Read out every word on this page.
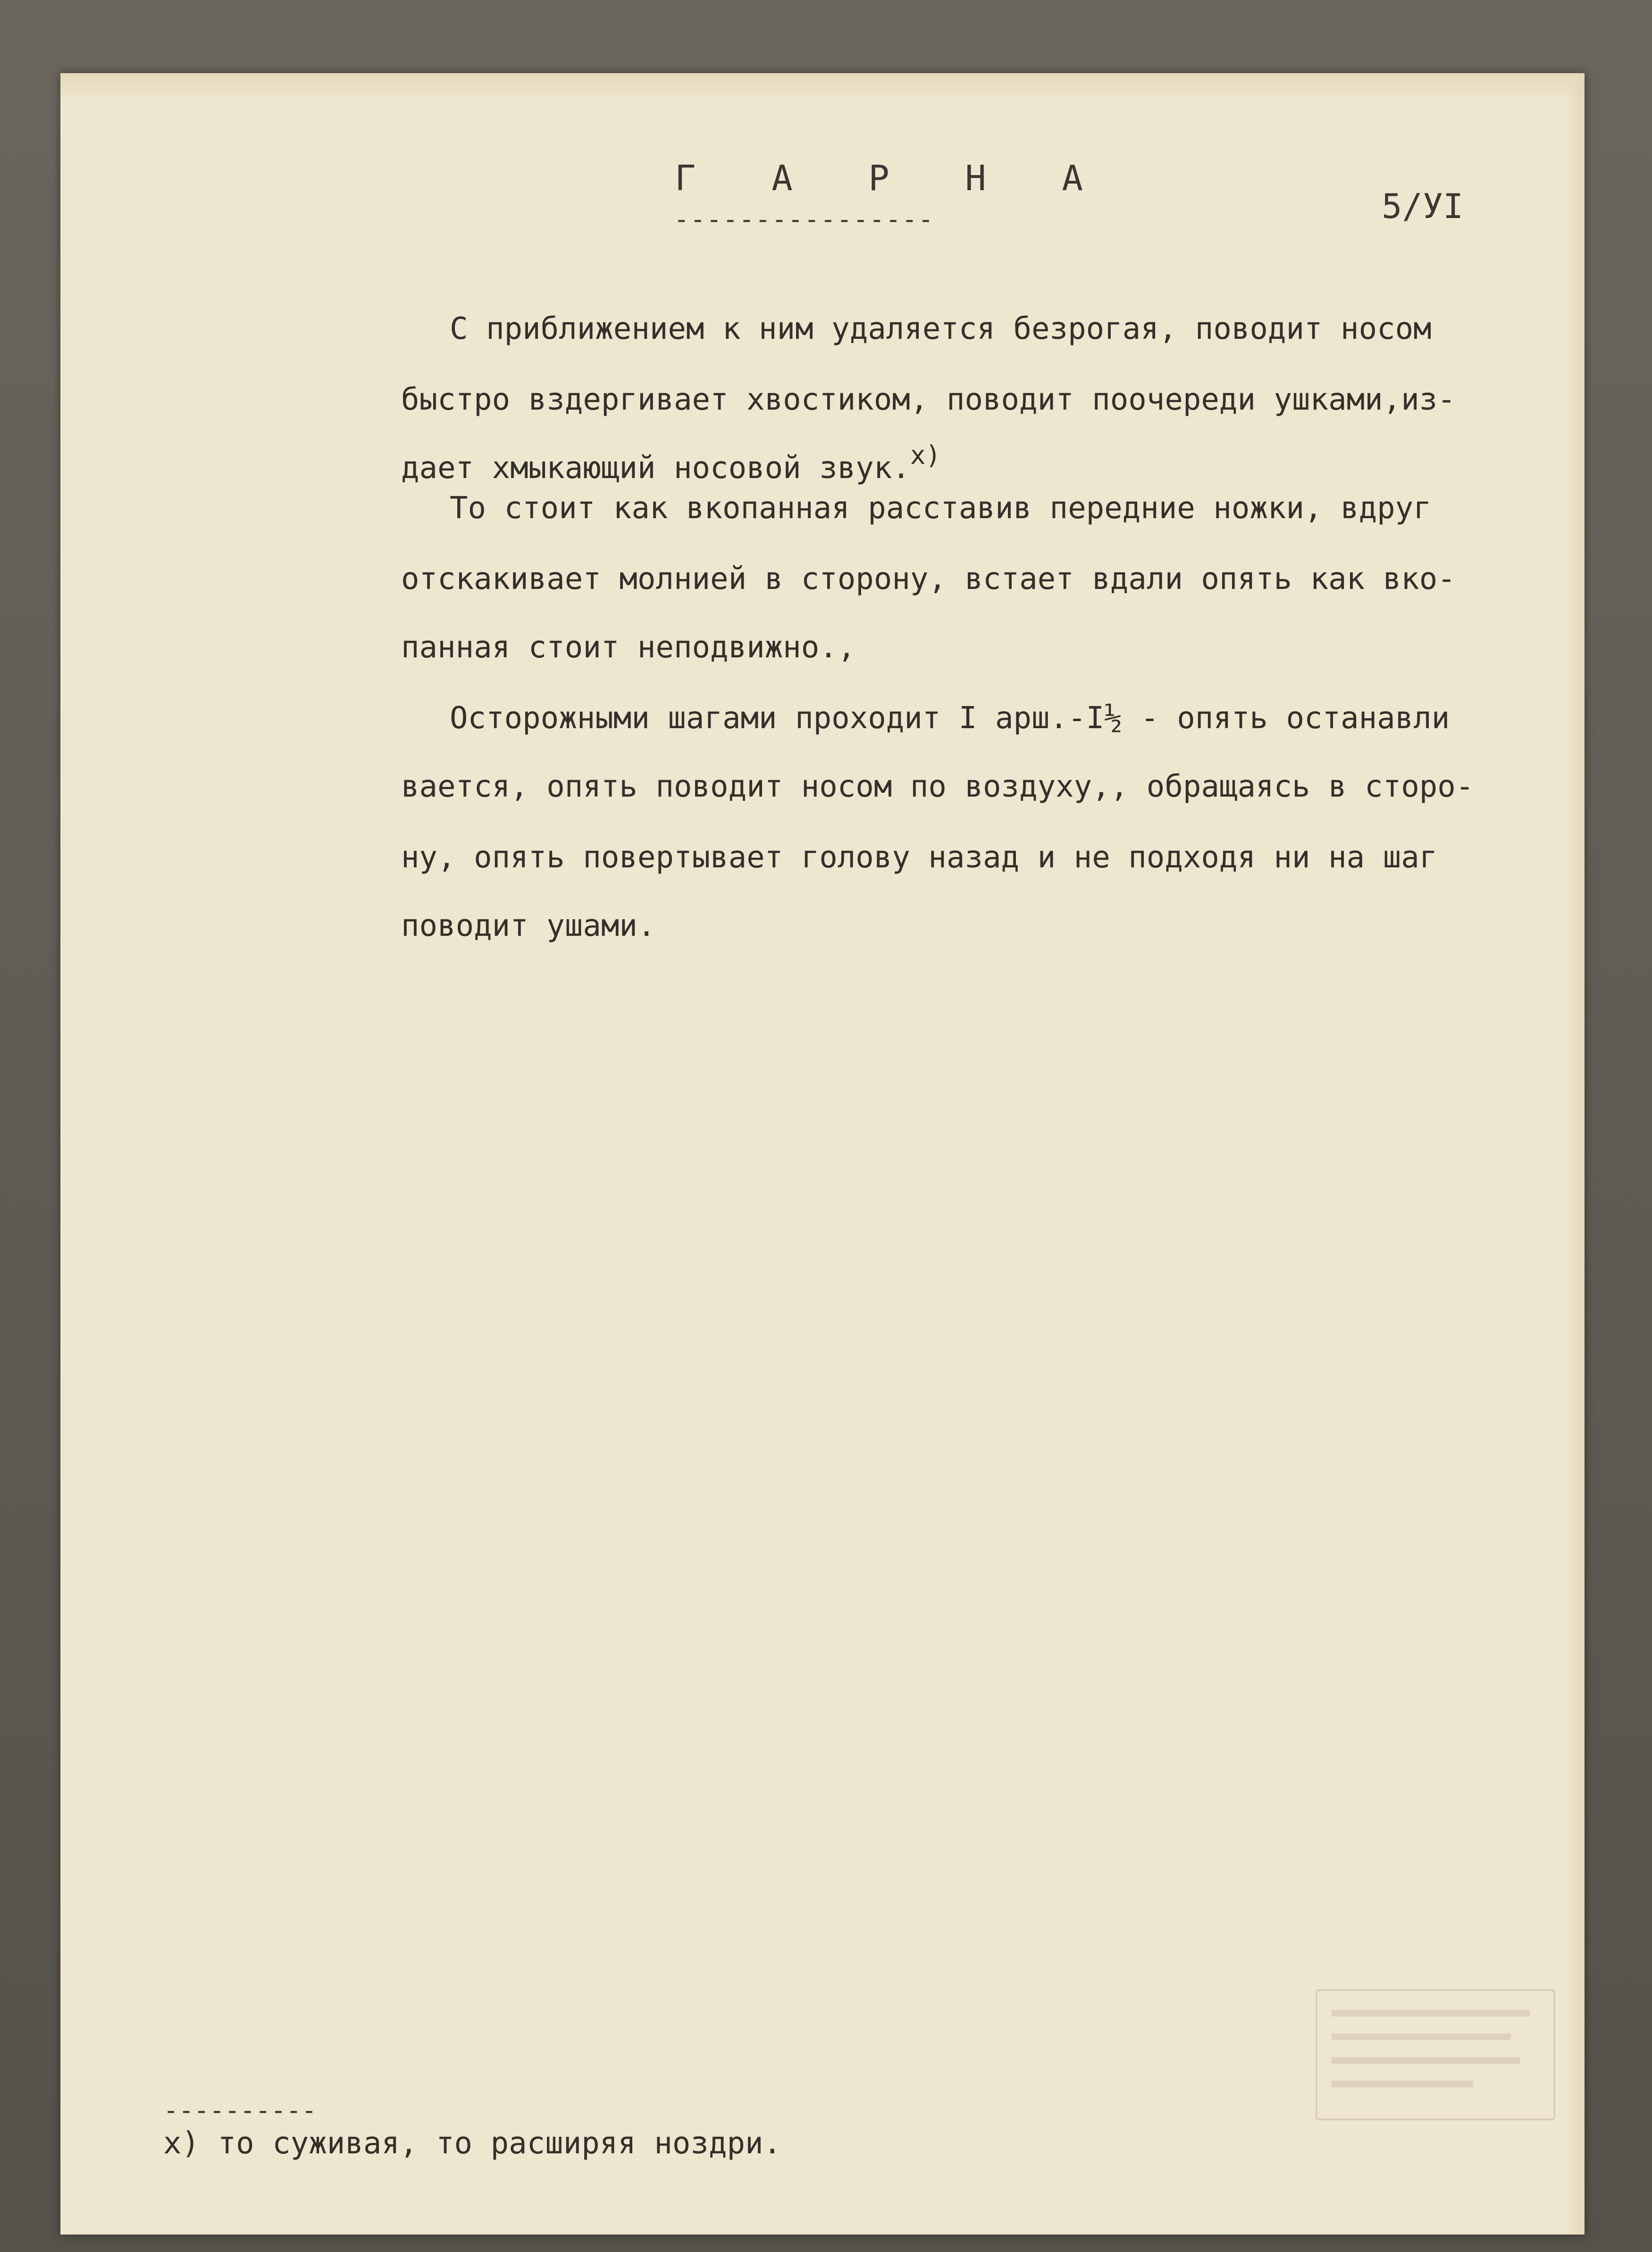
Г А Р Н А
----------------	5/УI
С приближением к ним удаляется безрогая, поводит носом
быстро вздергивает хвостиком, поводит поочереди ушками,из-
дает хмыкающий носовой звук.$^{x)}$
То стоит как вкопанная расставив передние ножки, вдруг
отскакивает молнией в сторону, встает вдали опять как вко-
панная стоит неподвижно.,
Осторожными шагами проходит I арш.-I½ - опять останавли
вается, опять поводит носом по воздуху,, обращаясь в сторо-
ну, опять повертывает голову назад и не подходя ни на шаг
поводит ушами.
----------
х) то суживая, то расширяя ноздри.
